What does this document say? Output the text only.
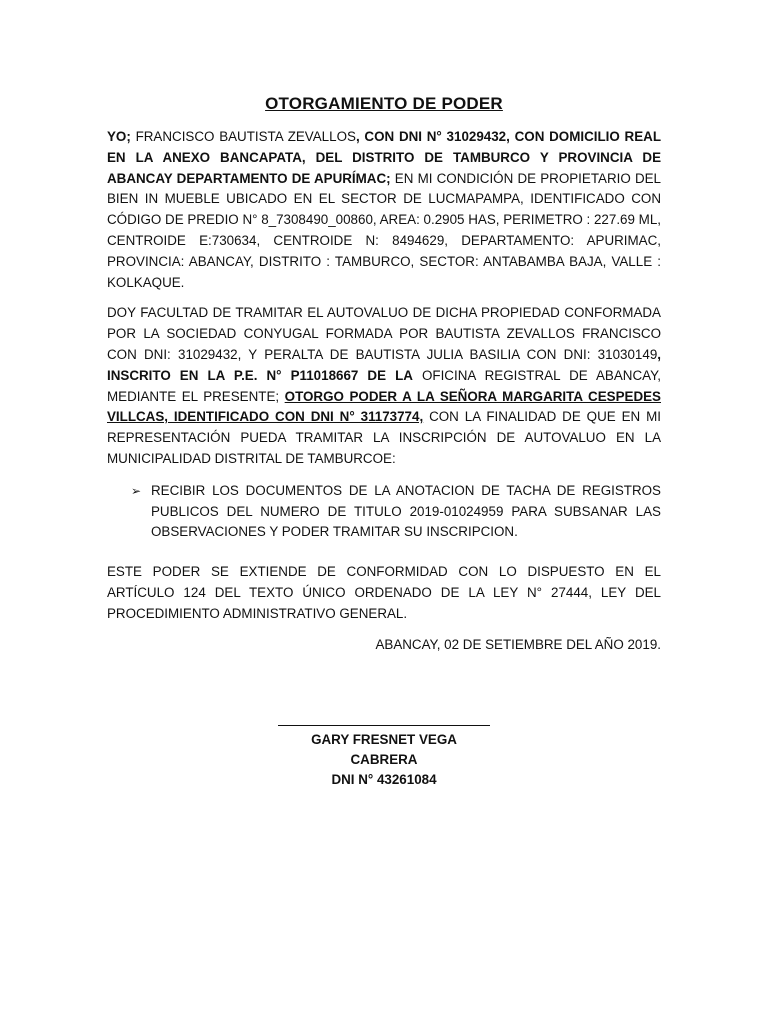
OTORGAMIENTO DE PODER

YO; FRANCISCO BAUTISTA ZEVALLOS, CON DNI N° 31029432, CON DOMICILIO REAL EN LA ANEXO BANCAPATA, DEL DISTRITO DE TAMBURCO Y PROVINCIA DE ABANCAY DEPARTAMENTO DE APURÍMAC; EN MI CONDICIÓN DE PROPIETARIO DEL BIEN IN MUEBLE UBICADO EN EL SECTOR DE LUCMAPAMPA, IDENTIFICADO CON CÓDIGO DE PREDIO N° 8_7308490_00860, AREA: 0.2905 HAS, PERIMETRO : 227.69 ML, CENTROIDE E:730634, CENTROIDE N: 8494629, DEPARTAMENTO: APURIMAC, PROVINCIA: ABANCAY, DISTRITO : TAMBURCO, SECTOR: ANTABAMBA BAJA, VALLE : KOLKAQUE.

DOY FACULTAD DE TRAMITAR EL AUTOVALUO DE DICHA PROPIEDAD CONFORMADA POR LA SOCIEDAD CONYUGAL FORMADA POR BAUTISTA ZEVALLOS FRANCISCO CON DNI: 31029432, Y PERALTA DE BAUTISTA JULIA BASILIA CON DNI: 31030149, INSCRITO EN LA P.E. N° P11018667 DE LA OFICINA REGISTRAL DE ABANCAY, MEDIANTE EL PRESENTE; OTORGO PODER A LA SEÑORA MARGARITA CESPEDES VILLCAS, IDENTIFICADO CON DNI N° 31173774, CON LA FINALIDAD DE QUE EN MI REPRESENTACIÓN PUEDA TRAMITAR LA INSCRIPCIÓN DE AUTOVALUO EN LA MUNICIPALIDAD DISTRITAL DE TAMBURCOE:

➢ RECIBIR LOS DOCUMENTOS DE LA ANOTACION DE TACHA DE REGISTROS PUBLICOS DEL NUMERO DE TITULO 2019-01024959 PARA SUBSANAR LAS OBSERVACIONES Y PODER TRAMITAR SU INSCRIPCION.

ESTE PODER SE EXTIENDE DE CONFORMIDAD CON LO DISPUESTO EN EL ARTÍCULO 124 DEL TEXTO ÚNICO ORDENADO DE LA LEY N° 27444, LEY DEL PROCEDIMIENTO ADMINISTRATIVO GENERAL.

ABANCAY, 02 DE SETIEMBRE DEL AÑO 2019.
GARY FRESNET VEGA CABRERA
DNI N° 43261084
